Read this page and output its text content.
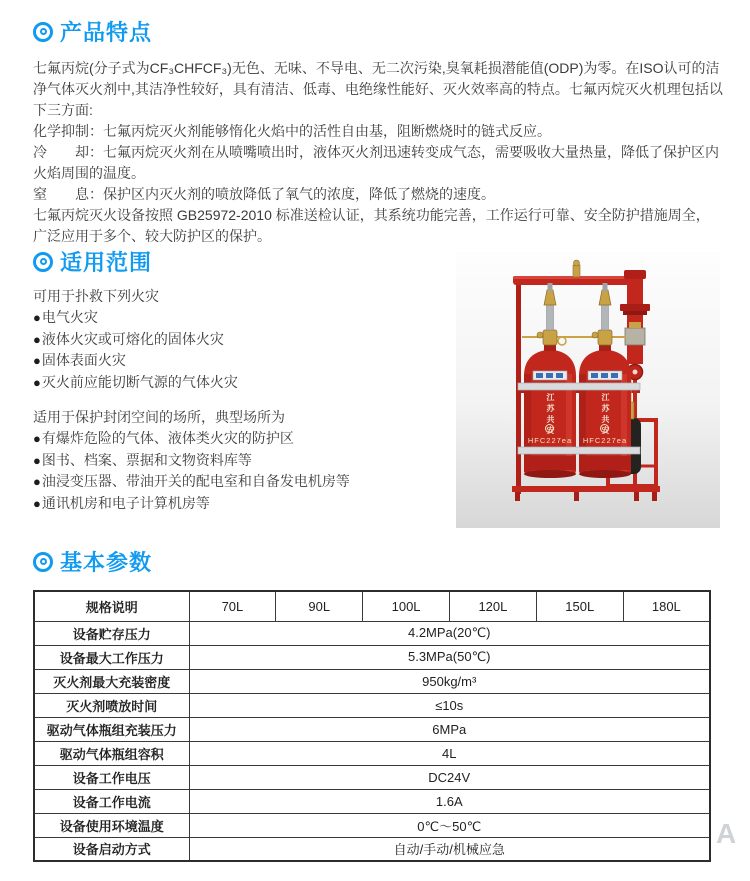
产品特点

七氟丙烷(分子式为CF₃CHFCF₃)无色、无味、不导电、无二次污染,臭氧耗损潜能值(ODP)为零。在ISO认可的洁净气体灭火剂中,其洁净性较好，具有清洁、低毒、电绝缘性能好、灭火效率高的特点。七氟丙烷灭火机理包括以下三方面:

化学抑制：七氟丙烷灭火剂能够惰化火焰中的活性自由基，阻断燃烧时的链式反应。

冷　　却：七氟丙烷灭火剂在从喷嘴喷出时，液体灭火剂迅速转变成气态，需要吸收大量热量，降低了保护区内火焰周围的温度。

窒　　息：保护区内灭火剂的喷放降低了氧气的浓度，降低了燃烧的速度。

七氟丙烷灭火设备按照 GB25972-2010 标准送检认证，其系统功能完善，工作运行可靠、安全防护措施周全，广泛应用于多个、较大防护区的保护。

适用范围
可用于扑救下列火灾
● 电气火灾
● 液体火灾或可熔化的固体火灾
● 固体表面火灾
● 灭火前应能切断气源的气体火灾
适用于保护封闭空间的场所，典型场所为
● 有爆炸危险的气体、液体类火灾的防护区
● 图书、档案、票据和文物资料库等
● 油浸变压器、带油开关的配电室和自备发电机房等
● 通讯机房和电子计算机房等
江苏共安	江苏共安
HFC227ea	HFC227ea
基本参数
规格说明	70L	90L	100L	120L	150L	180L
设备贮存压力	4.2MPa(20℃)					
设备最大工作压力	5.3MPa(50℃)					
灭火剂最大充装密度	950kg/m³					
灭火剂喷放时间	≤10s					
驱动气体瓶组充装压力	6MPa					
驱动气体瓶组容积	4L					
设备工作电压	DC24V					
设备工作电流	1.6A					
设备使用环境温度	0℃～50℃					
设备启动方式	自动/手动/机械应急					
A
